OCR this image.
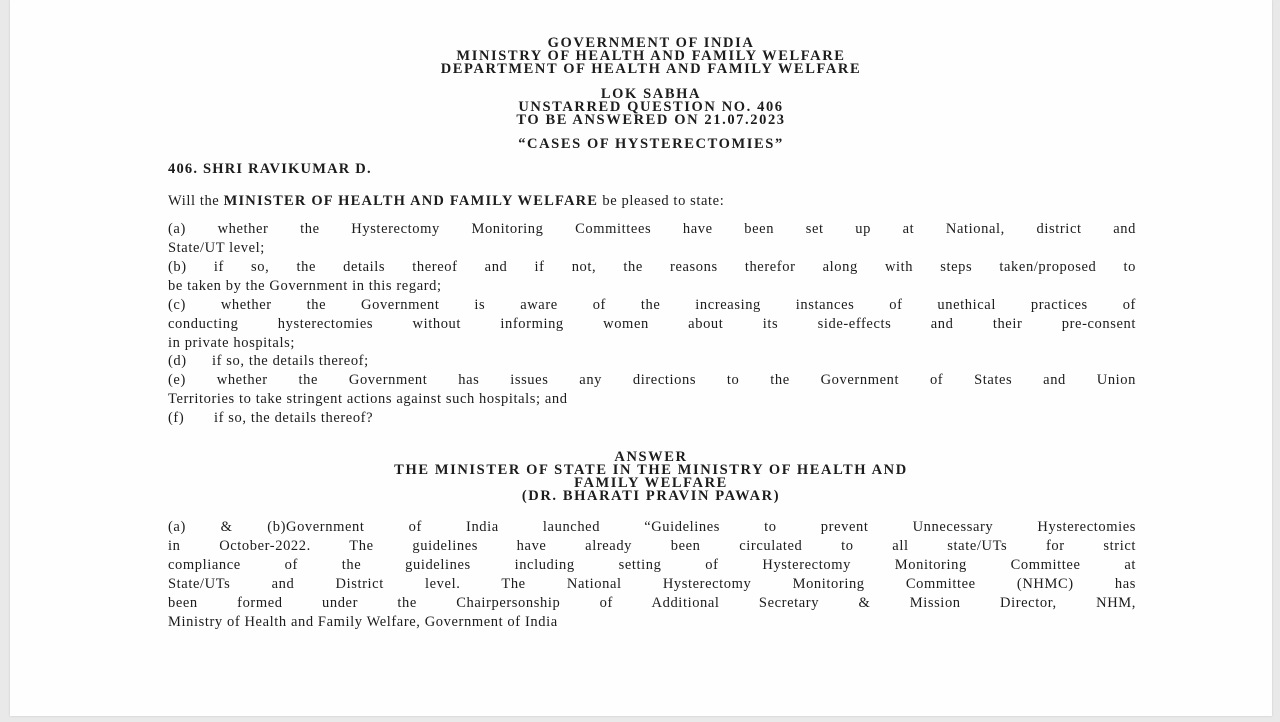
GOVERNMENT OF INDIA
MINISTRY OF HEALTH AND FAMILY WELFARE
DEPARTMENT OF HEALTH AND FAMILY WELFARE
LOK SABHA
UNSTARRED QUESTION NO. 406
TO BE ANSWERED ON 21.07.2023
“CASES OF HYSTERECTOMIES”
406. SHRI RAVIKUMAR D.
Will the MINISTER OF HEALTH AND FAMILY WELFARE be pleased to state:
(a) whether the Hysterectomy Monitoring Committees have been set up at National, district and
State/UT level;
(b) if so, the details thereof and if not, the reasons therefor along with steps taken/proposed to
be taken by the Government in this regard;
(c) whether the Government is aware of the increasing instances of unethical practices of
conducting hysterectomies without informing women about its side-effects and their pre-consent
in private hospitals;
(d) if so, the details thereof;
(e) whether the Government has issues any directions to the Government of States and Union
Territories to take stringent actions against such hospitals; and
(f) if so, the details thereof?
ANSWER
THE MINISTER OF STATE IN THE MINISTRY OF HEALTH AND
FAMILY WELFARE
(DR. BHARATI PRAVIN PAWAR)
(a) & (b)Government of India launched “Guidelines to prevent Unnecessary Hysterectomies
in October-2022. The guidelines have already been circulated to all state/UTs for strict
compliance of the guidelines including setting of Hysterectomy Monitoring Committee at
State/UTs and District level. The National Hysterectomy Monitoring Committee (NHMC) has
been formed under the Chairpersonship of Additional Secretary & Mission Director, NHM,
Ministry of Health and Family Welfare, Government of India
